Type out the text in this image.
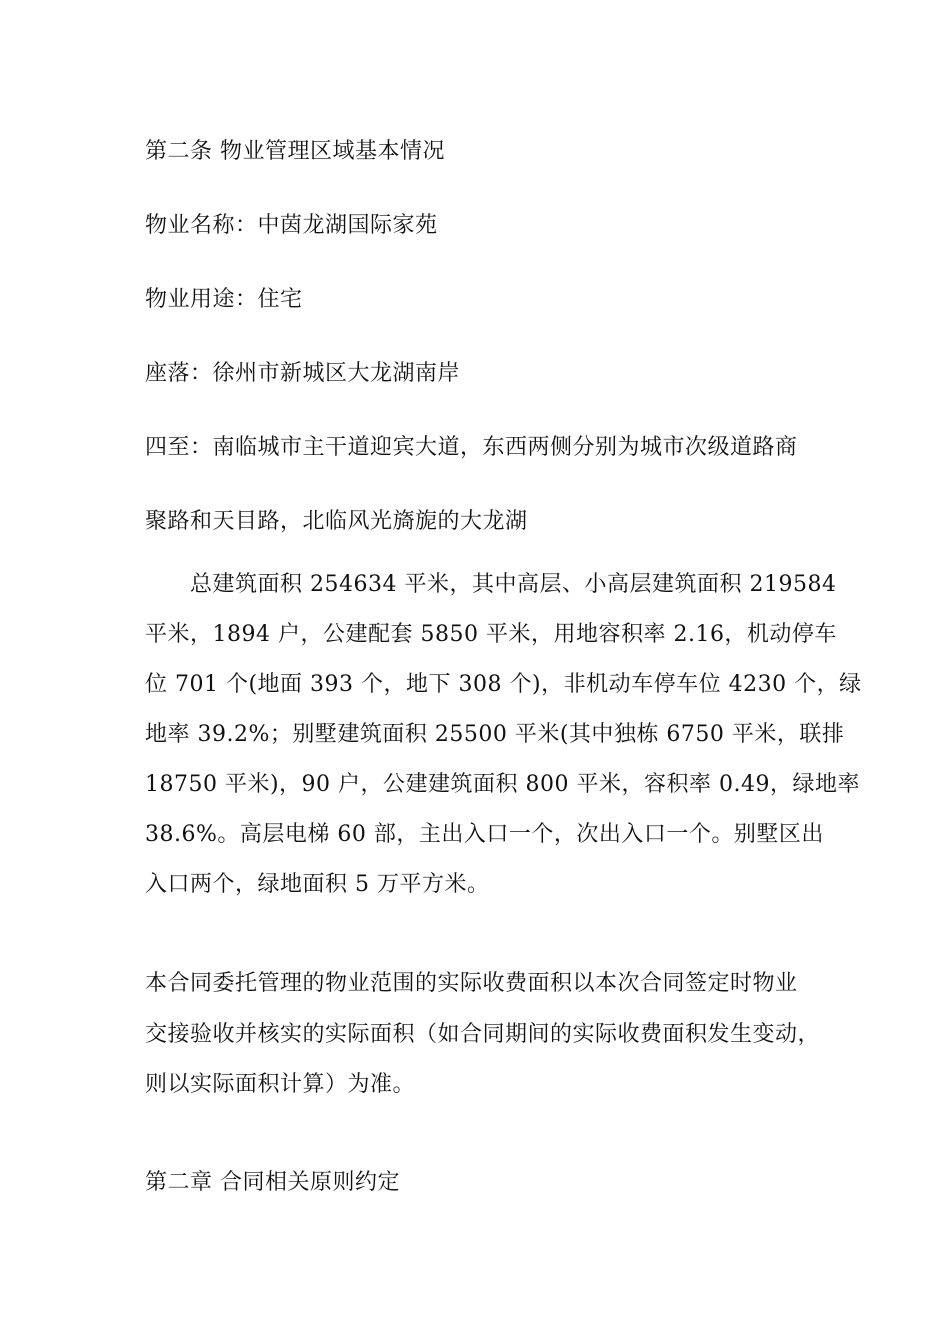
第二条 物业管理区域基本情况
物业名称：中茵龙湖国际家苑
物业用途：住宅
座落：徐州市新城区大龙湖南岸
四至：南临城市主干道迎宾大道，东西两侧分别为城市次级道路商
聚路和天目路，北临风光旖旎的大龙湖
总建筑面积 254634 平米，其中高层、小高层建筑面积 219584
平米，1894 户，公建配套 5850 平米，用地容积率 2.16，机动停车
位 701 个(地面 393 个，地下 308 个)，非机动车停车位 4230 个，绿
地率 39.2%；别墅建筑面积 25500 平米(其中独栋 6750 平米，联排
18750 平米)，90 户，公建建筑面积 800 平米，容积率 0.49，绿地率
38.6%。高层电梯 60 部，主出入口一个，次出入口一个。别墅区出
入口两个，绿地面积 5 万平方米。
本合同委托管理的物业范围的实际收费面积以本次合同签定时物业
交接验收并核实的实际面积（如合同期间的实际收费面积发生变动，
则以实际面积计算）为准。
第二章 合同相关原则约定
